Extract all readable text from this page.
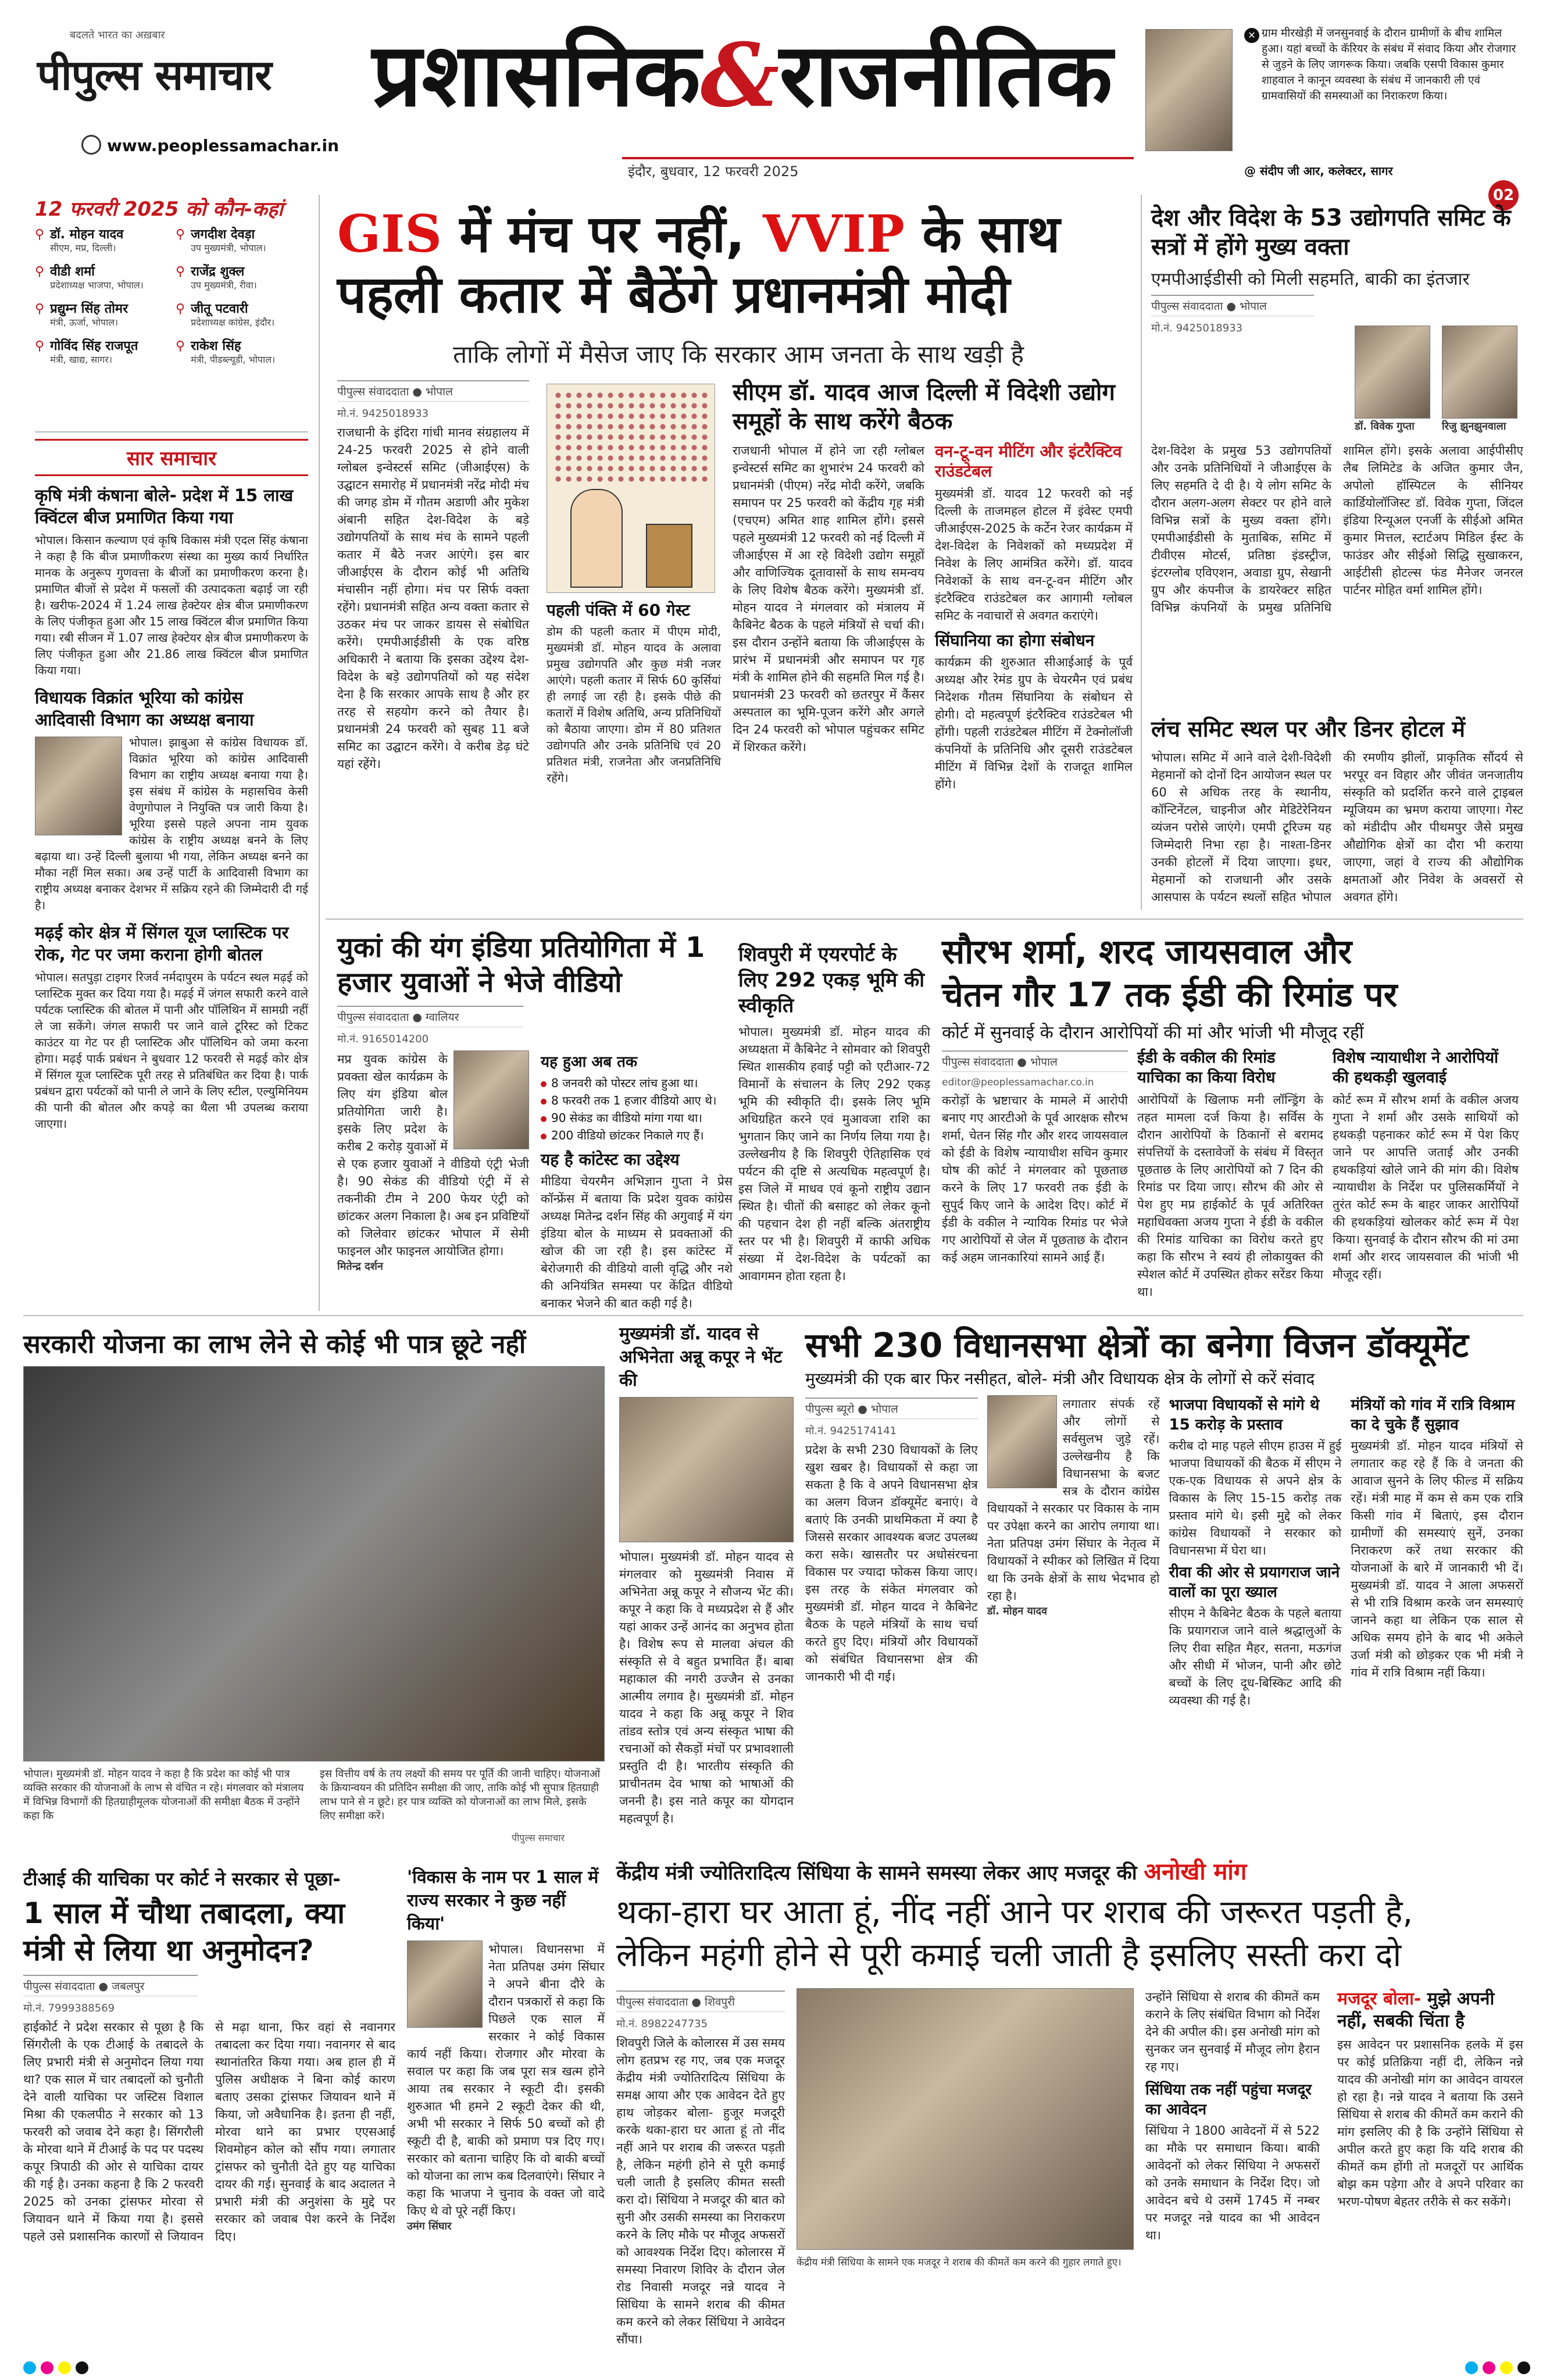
बदलते भारत का अख़बार
पीपुल्स समाचार
www.peoplessamachar.in
प्रशासनिक & राजनीतिक
इंदौर, बुधवार, 12 फरवरी 2025
✕ ग्राम मीरखेड़ी में जनसुनवाई के दौरान ग्रामीणों के बीच शामिल हुआ। यहां बच्चों के कॅरियर के संबंध में संवाद किया और रोजगार से जुड़ने के लिए जागरूक किया। जबकि एसपी विकास कुमार शाहवाल ने कानून व्यवस्था के संबंध में जानकारी ली एवं ग्रामवासियों की समस्याओं का निराकरण किया।
@ संदीप जी आर, कलेक्टर, सागर
02
12 फरवरी 2025 को कौन-कहां
⚲ डॉ. मोहन यादव
सीएम, मप्र, दिल्ली।
⚲ जगदीश देवड़ा
उप मुख्यमंत्री, भोपाल।
⚲ वीडी शर्मा
प्रदेशाध्यक्ष भाजपा, भोपाल।
⚲ राजेंद्र शुक्ल
उप मुख्यमंत्री, रीवा।
⚲ प्रद्युम्न सिंह तोमर
मंत्री, ऊर्जा, भोपाल।
⚲ जीतू पटवारी
प्रदेशाध्यक्ष कांग्रेस, इंदौर।
⚲ गोविंद सिंह राजपूत
मंत्री, खाद्य, सागर।
⚲ राकेश सिंह
मंत्री, पीडब्ल्यूडी, भोपाल।
सार समाचार
कृषि मंत्री कंषाना बोले- प्रदेश में 15 लाख क्विंटल बीज प्रमाणित किया गया
भोपाल। किसान कल्याण एवं कृषि विकास मंत्री एदल सिंह कंषाना ने कहा है कि बीज प्रमाणीकरण संस्था का मुख्य कार्य निर्धारित मानक के अनुरूप गुणवत्ता के बीजों का प्रमाणीकरण करना है। प्रमाणित बीजों से प्रदेश में फसलों की उत्पादकता बढ़ाई जा रही है। खरीफ-2024 में 1.24 लाख हेक्टेयर क्षेत्र बीज प्रमाणीकरण के लिए पंजीकृत हुआ और 15 लाख क्विंटल बीज प्रमाणित किया गया। रबी सीजन में 1.07 लाख हेक्टेयर क्षेत्र बीज प्रमाणीकरण के लिए पंजीकृत हुआ और 21.86 लाख क्विंटल बीज प्रमाणित किया गया।
विधायक विक्रांत भूरिया को कांग्रेस आदिवासी विभाग का अध्यक्ष बनाया
भोपाल। झाबुआ से कांग्रेस विधायक डॉ. विक्रांत भूरिया को कांग्रेस आदिवासी विभाग का राष्ट्रीय अध्यक्ष बनाया गया है। इस संबंध में कांग्रेस के महासचिव केसी वेणुगोपाल ने नियुक्ति पत्र जारी किया है। भूरिया इससे पहले अपना नाम युवक कांग्रेस के राष्ट्रीय अध्यक्ष बनने के लिए बढ़ाया था। उन्हें दिल्ली बुलाया भी गया, लेकिन अध्यक्ष बनने का मौका नहीं मिल सका। अब उन्हें पार्टी के आदिवासी विभाग का राष्ट्रीय अध्यक्ष बनाकर देशभर में सक्रिय रहने की जिम्मेदारी दी गई है।
मढ़ई कोर क्षेत्र में सिंगल यूज प्लास्टिक पर रोक, गेट पर जमा कराना होगी बोतल
भोपाल। सतपुड़ा टाइगर रिजर्व नर्मदापुरम के पर्यटन स्थल मढ़ई को प्लास्टिक मुक्त कर दिया गया है। मढ़ई में जंगल सफारी करने वाले पर्यटक प्लास्टिक की बोतल में पानी और पॉलिथिन में सामग्री नहीं ले जा सकेंगे। जंगल सफारी पर जाने वाले टूरिस्ट को टिकट काउंटर या गेट पर ही प्लास्टिक और पॉलिथिन को जमा करना होगा। मढ़ई पार्क प्रबंधन ने बुधवार 12 फरवरी से मढ़ई कोर क्षेत्र में सिंगल यूज प्लास्टिक पूरी तरह से प्रतिबंधित कर दिया है। पार्क प्रबंधन द्वारा पर्यटकों को पानी ले जाने के लिए स्टील, एल्युमिनियम की पानी की बोतल और कपड़े का थैला भी उपलब्ध कराया जाएगा।
GIS में मंच पर नहीं, VVIP के साथ
पहली कतार में बैठेंगे प्रधानमंत्री मोदी
ताकि लोगों में मैसेज जाए कि सरकार आम जनता के साथ खड़ी है
पीपुल्स संवाददाता ● भोपाल
मो.नं. 9425018933
राजधानी के इंदिरा गांधी मानव संग्रहालय में 24-25 फरवरी 2025 से होने वाली ग्लोबल इन्वेस्टर्स समिट (जीआईएस) के उद्घाटन समारोह में प्रधानमंत्री नरेंद्र मोदी मंच की जगह डोम में गौतम अडाणी और मुकेश अंबानी सहित देश-विदेश के बड़े उद्योगपतियों के साथ मंच के सामने पहली कतार में बैठे नजर आएंगे। इस बार जीआईएस के दौरान कोई भी अतिथि मंचासीन नहीं होगा। मंच पर सिर्फ वक्ता रहेंगे। प्रधानमंत्री सहित अन्य वक्ता कतार से उठकर मंच पर जाकर डायस से संबोधित करेंगे। एमपीआईडीसी के एक वरिष्ठ अधिकारी ने बताया कि इसका उद्देश्य देश-विदेश के बड़े उद्योगपतियों को यह संदेश देना है कि सरकार आपके साथ है और हर तरह से सहयोग करने को तैयार है। प्रधानमंत्री 24 फरवरी को सुबह 11 बजे समिट का उद्घाटन करेंगे। वे करीब डेढ़ घंटे यहां रहेंगे।
पहली पंक्ति में 60 गेस्ट
डोम की पहली कतार में पीएम मोदी, मुख्यमंत्री डॉ. मोहन यादव के अलावा प्रमुख उद्योगपति और कुछ मंत्री नजर आएंगे। पहली कतार में सिर्फ 60 कुर्सियां ही लगाई जा रही है। इसके पीछे की कतारों में विशेष अतिथि, अन्य प्रतिनिधियों को बैठाया जाएगा। डोम में 80 प्रतिशत उद्योगपति और उनके प्रतिनिधि एवं 20 प्रतिशत मंत्री, राजनेता और जनप्रतिनिधि रहेंगे।
सीएम डॉ. यादव आज दिल्ली में विदेशी उद्योग समूहों के साथ करेंगे बैठक
राजधानी भोपाल में होने जा रही ग्लोबल इन्वेस्टर्स समिट का शुभारंभ 24 फरवरी को प्रधानमंत्री (पीएम) नरेंद्र मोदी करेंगे, जबकि समापन पर 25 फरवरी को केंद्रीय गृह मंत्री (एचएम) अमित शाह शामिल होंगे। इससे पहले मुख्यमंत्री 12 फरवरी को नई दिल्ली में जीआईएस में आ रहे विदेशी उद्योग समूहों और वाणिज्यिक दूतावासों के साथ समन्वय के लिए विशेष बैठक करेंगे। मुख्यमंत्री डॉ. मोहन यादव ने मंगलवार को मंत्रालय में कैबिनेट बैठक के पहले मंत्रियों से चर्चा की। इस दौरान उन्होंने बताया कि जीआईएस के प्रारंभ में प्रधानमंत्री और समापन पर गृह मंत्री के शामिल होने की सहमति मिल गई है। प्रधानमंत्री 23 फरवरी को छतरपुर में कैंसर अस्पताल का भूमि-पूजन करेंगे और अगले दिन 24 फरवरी को भोपाल पहुंचकर समिट में शिरकत करेंगे।
वन-टू-वन मीटिंग और इंटरैक्टिव राउंडटेबल
मुख्यमंत्री डॉ. यादव 12 फरवरी को नई दिल्ली के ताजमहल होटल में इंवेस्ट एमपी जीआईएस-2025 के कर्टेन रेजर कार्यक्रम में देश-विदेश के निवेशकों को मध्यप्रदेश में निवेश के लिए आमंत्रित करेंगे। डॉ. यादव निवेशकों के साथ वन-टू-वन मीटिंग और इंटरैक्टिव राउंडटेबल कर आगामी ग्लोबल समिट के नवाचारों से अवगत कराएंगे।
सिंघानिया का होगा संबोधन
कार्यक्रम की शुरुआत सीआईआई के पूर्व अध्यक्ष और रेमंड ग्रुप के चेयरमैन एवं प्रबंध निदेशक गौतम सिंघानिया के संबोधन से होगी। दो महत्वपूर्ण इंटरैक्टिव राउंडटेबल भी होंगी। पहली राउंडटेबल मीटिंग में टेक्नोलॉजी कंपनियों के प्रतिनिधि और दूसरी राउंडटेबल मीटिंग में विभिन्न देशों के राजदूत शामिल होंगे।
देश और विदेश के 53 उद्योगपति समिट के सत्रों में होंगे मुख्य वक्ता
एमपीआईडीसी को मिली सहमति, बाकी का इंतजार
पीपुल्स संवाददाता ● भोपाल
मो.नं. 9425018933
डॉ. विवेक गुप्ता	रिजु झुनझुनवाला
देश-विदेश के प्रमुख 53 उद्योगपतियों और उनके प्रतिनिधियों ने जीआईएस के लिए सहमति दे दी है। ये लोग समिट के दौरान अलग-अलग सेक्टर पर होने वाले विभिन्न सत्रों के मुख्य वक्ता होंगे। एमपीआईडीसी के मुताबिक, समिट में टीवीएस मोटर्स, प्रतिष्ठा इंडस्ट्रीज, इंटरग्लोब एविएशन, अवाडा ग्रुप, सेखानी ग्रुप और कंपनीज के डायरेक्टर सहित विभिन्न कंपनियों के प्रमुख प्रतिनिधि शामिल होंगे। इसके अलावा आईपीसीए लैब लिमिटेड के अजित कुमार जैन, अपोलो हॉस्पिटल के सीनियर कार्डियोलॉजिस्ट डॉ. विवेक गुप्ता, जिंदल इंडिया रिन्यूअल एनर्जी के सीईओ अमित कुमार मित्तल, स्टार्टअप मिडिल ईस्ट के फाउंडर और सीईओ सिद्धि सुखाकरन, आईटीसी होटल्स फंड मैनेजर जनरल पार्टनर मोहित वर्मा शामिल होंगे।
लंच समिट स्थल पर और डिनर होटल में
भोपाल। समिट में आने वाले देशी-विदेशी मेहमानों को दोनों दिन आयोजन स्थल पर 60 से अधिक तरह के स्थानीय, कॉन्टिनेंटल, चाइनीज और मेडिटेरेनियन व्यंजन परोसे जाएंगे। एमपी टूरिज्म यह जिम्मेदारी निभा रहा है। नाश्ता-डिनर उनकी होटलों में दिया जाएगा। इधर, मेहमानों को राजधानी और उसके आसपास के पर्यटन स्थलों सहित भोपाल की रमणीय झीलों, प्राकृतिक सौंदर्य से भरपूर वन विहार और जीवंत जनजातीय संस्कृति को प्रदर्शित करने वाले ट्राइबल म्यूजियम का भ्रमण कराया जाएगा। गेस्ट को मंडीदीप और पीथमपुर जैसे प्रमुख औद्योगिक क्षेत्रों का दौरा भी कराया जाएगा, जहां वे राज्य की औद्योगिक क्षमताओं और निवेश के अवसरों से अवगत होंगे।
युकां की यंग इंडिया प्रतियोगिता में 1 हजार युवाओं ने भेजे वीडियो
पीपुल्स संवाददाता ● ग्वालियर
मो.नं. 9165014200
मप्र युवक कांग्रेस के प्रवक्ता खेल कार्यक्रम के लिए यंग इंडिया बोल प्रतियोगिता जारी है। इसके लिए प्रदेश के करीब 2 करोड़ युवाओं में से एक हजार युवाओं ने वीडियो एंट्री भेजी है। 90 सेकंड की वीडियो एंट्री में से तकनीकी टीम ने 200 फेयर एंट्री को छांटकर अलग निकाला है। अब इन प्रविष्टियों को जिलेवार छांटकर भोपाल में सेमी फाइनल और फाइनल आयोजित होगा।
मितेन्द्र दर्शन
यह हुआ अब तक
8 जनवरी को पोस्टर लांच हुआ था।
8 फरवरी तक 1 हजार वीडियो आए थे।
90 सेकंड का वीडियो मांगा गया था।
200 वीडियो छांटकर निकाले गए हैं।
यह है कांटेस्ट का उद्देश्य
मीडिया चेयरमैन अभिज्ञान गुप्ता ने प्रेस कॉन्फ्रेंस में बताया कि प्रदेश युवक कांग्रेस अध्यक्ष मितेन्द्र दर्शन सिंह की अगुवाई में यंग इंडिया बोल के माध्यम से प्रवक्ताओं की खोज की जा रही है। इस कांटेस्ट में बेरोजगारी की वीडियो वाली वृद्धि और नशे की अनियंत्रित समस्या पर केंद्रित वीडियो बनाकर भेजने की बात कही गई है।
शिवपुरी में एयरपोर्ट के लिए 292 एकड़ भूमि की स्वीकृति
भोपाल। मुख्यमंत्री डॉ. मोहन यादव की अध्यक्षता में कैबिनेट ने सोमवार को शिवपुरी स्थित शासकीय हवाई पट्टी को एटीआर-72 विमानों के संचालन के लिए 292 एकड़ भूमि की स्वीकृति दी। इसके लिए भूमि अधिग्रहित करने एवं मुआवजा राशि का भुगतान किए जाने का निर्णय लिया गया है। उल्लेखनीय है कि शिवपुरी ऐतिहासिक एवं पर्यटन की दृष्टि से अत्यधिक महत्वपूर्ण है। इस जिले में माधव एवं कूनो राष्ट्रीय उद्यान स्थित है। चीतों की बसाहट को लेकर कूनो की पहचान देश ही नहीं बल्कि अंतराष्ट्रीय स्तर पर भी है। शिवपुरी में काफी अधिक संख्या में देश-विदेश के पर्यटकों का आवागमन होता रहता है।
सौरभ शर्मा, शरद जायसवाल और
चेतन गौर 17 तक ईडी की रिमांड पर
कोर्ट में सुनवाई के दौरान आरोपियों की मां और भांजी भी मौजूद रहीं
पीपुल्स संवाददाता ● भोपाल
editor@peoplessamachar.co.in
करोड़ों के भ्रष्टाचार के मामले में आरोपी बनाए गए आरटीओ के पूर्व आरक्षक सौरभ शर्मा, चेतन सिंह गौर और शरद जायसवाल को ईडी के विशेष न्यायाधीश सचिन कुमार घोष की कोर्ट ने मंगलवार को पूछताछ करने के लिए 17 फरवरी तक ईडी के सुपुर्द किए जाने के आदेश दिए। कोर्ट में ईडी के वकील ने न्यायिक रिमांड पर भेजे गए आरोपियों से जेल में पूछताछ के दौरान कई अहम जानकारियां सामने आई हैं।
ईडी के वकील की रिमांड याचिका का किया विरोध
आरोपियों के खिलाफ मनी लॉन्ड्रिंग के तहत मामला दर्ज किया है। सर्विस के दौरान आरोपियों के ठिकानों से बरामद संपत्तियों के दस्तावेजों के संबंध में विस्तृत पूछताछ के लिए आरोपियों को 7 दिन की रिमांड पर दिया जाए। सौरभ की ओर से पेश हुए मप्र हाईकोर्ट के पूर्व अतिरिक्त महाधिवक्ता अजय गुप्ता ने ईडी के वकील की रिमांड याचिका का विरोध करते हुए कहा कि सौरभ ने स्वयं ही लोकायुक्त की स्पेशल कोर्ट में उपस्थित होकर सरेंडर किया था।
विशेष न्यायाधीश ने आरोपियों की हथकड़ी खुलवाई
कोर्ट रूम में सौरभ शर्मा के वकील अजय गुप्ता ने शर्मा और उसके साथियों को हथकड़ी पहनाकर कोर्ट रूम में पेश किए जाने पर आपत्ति जताई और उनकी हथकड़ियां खोले जाने की मांग की। विशेष न्यायाधीश के निर्देश पर पुलिसकर्मियों ने तुरंत कोर्ट रूम के बाहर जाकर आरोपियों की हथकड़ियां खोलकर कोर्ट रूम में पेश किया। सुनवाई के दौरान सौरभ की मां उमा शर्मा और शरद जायसवाल की भांजी भी मौजूद रहीं।
सरकारी योजना का लाभ लेने से कोई भी पात्र छूटे नहीं
भोपाल। मुख्यमंत्री डॉ. मोहन यादव ने कहा है कि प्रदेश का कोई भी पात्र व्यक्ति सरकार की योजनाओं के लाभ से वंचित न रहे। मंगलवार को मंत्रालय में विभिन्न विभागों की हितग्राहीमूलक योजनाओं की समीक्षा बैठक में उन्होंने कहा कि
इस वित्तीय वर्ष के तय लक्ष्यों की समय पर पूर्ति की जानी चाहिए। योजनाओं के क्रियान्वयन की प्रतिदिन समीक्षा की जाए, ताकि कोई भी सुपात्र हितग्राही लाभ पाने से न छूटे। हर पात्र व्यक्ति को योजनाओं का लाभ मिले, इसके लिए समीक्षा करें।
पीपुल्स समाचार
मुख्यमंत्री डॉ. यादव से अभिनेता अन्नू कपूर ने भेंट की
भोपाल। मुख्यमंत्री डॉ. मोहन यादव से मंगलवार को मुख्यमंत्री निवास में अभिनेता अन्नू कपूर ने सौजन्य भेंट की। कपूर ने कहा कि वे मध्यप्रदेश से हैं और यहां आकर उन्हें आनंद का अनुभव होता है। विशेष रूप से मालवा अंचल की संस्कृति से वे बहुत प्रभावित हैं। बाबा महाकाल की नगरी उज्जैन से उनका आत्मीय लगाव है। मुख्यमंत्री डॉ. मोहन यादव ने कहा कि अन्नू कपूर ने शिव तांडव स्तोत्र एवं अन्य संस्कृत भाषा की रचनाओं को सैकड़ों मंचों पर प्रभावशाली प्रस्तुति दी है। भारतीय संस्कृति की प्राचीनतम देव भाषा को भाषाओं की जननी है। इस नाते कपूर का योगदान महत्वपूर्ण है।
सभी 230 विधानसभा क्षेत्रों का बनेगा विजन डॉक्यूमेंट
मुख्यमंत्री की एक बार फिर नसीहत, बोले- मंत्री और विधायक क्षेत्र के लोगों से करें संवाद
पीपुल्स ब्यूरो ● भोपाल
मो.नं. 9425174141
प्रदेश के सभी 230 विधायकों के लिए खुश खबर है। विधायकों से कहा जा सकता है कि वे अपने विधानसभा क्षेत्र का अलग विजन डॉक्यूमेंट बनाएं। वे बताएं कि उनकी प्राथमिकता में क्या है जिससे सरकार आवश्यक बजट उपलब्ध करा सके। खासतौर पर अधोसंरचना विकास पर ज्यादा फोकस किया जाए। इस तरह के संकेत मंगलवार को मुख्यमंत्री डॉ. मोहन यादव ने कैबिनेट बैठक के पहले मंत्रियों के साथ चर्चा करते हुए दिए। मंत्रियों और विधायकों को संबंधित विधानसभा क्षेत्र की जानकारी भी दी गई।
लगातार संपर्क रहें और लोगों से सर्वसुलभ जुड़े रहें। उल्लेखनीय है कि विधानसभा के बजट सत्र के दौरान कांग्रेस विधायकों ने सरकार पर विकास के नाम पर उपेक्षा करने का आरोप लगाया था। नेता प्रतिपक्ष उमंग सिंघार के नेतृत्व में विधायकों ने स्पीकर को लिखित में दिया था कि उनके क्षेत्रों के साथ भेदभाव हो रहा है।
डॉ. मोहन यादव
भाजपा विधायकों से मांगे थे 15 करोड़ के प्रस्ताव
करीब दो माह पहले सीएम हाउस में हुई भाजपा विधायकों की बैठक में सीएम ने एक-एक विधायक से अपने क्षेत्र के विकास के लिए 15-15 करोड़ तक प्रस्ताव मांगे थे। इसी मुद्दे को लेकर कांग्रेस विधायकों ने सरकार को विधानसभा में घेरा था।
रीवा की ओर से प्रयागराज जाने वालों का पूरा ख्याल
सीएम ने कैबिनेट बैठक के पहले बताया कि प्रयागराज जाने वाले श्रद्धालुओं के लिए रीवा सहित मैहर, सतना, मऊगंज और सीधी में भोजन, पानी और छोटे बच्चों के लिए दूध-बिस्किट आदि की व्यवस्था की गई है।
मंत्रियों को गांव में रात्रि विश्राम का दे चुके हैं सुझाव
मुख्यमंत्री डॉ. मोहन यादव मंत्रियों से लगातार कह रहे हैं कि वे जनता की आवाज सुनने के लिए फील्ड में सक्रिय रहें। मंत्री माह में कम से कम एक रात्रि किसी गांव में बिताएं, इस दौरान ग्रामीणों की समस्याएं सुनें, उनका निराकरण करें तथा सरकार की योजनाओं के बारे में जानकारी भी दें। मुख्यमंत्री डॉ. यादव ने आला अफसरों से भी रात्रि विश्राम करके जन समस्याएं जानने कहा था लेकिन एक साल से अधिक समय होने के बाद भी अकेले उर्जा मंत्री को छोड़कर एक भी मंत्री ने गांव में रात्रि विश्राम नहीं किया।
टीआई की याचिका पर कोर्ट ने सरकार से पूछा-
1 साल में चौथा तबादला, क्या मंत्री से लिया था अनुमोदन?
पीपुल्स संवाददाता ● जबलपुर
मो.नं. 7999388569
हाईकोर्ट ने प्रदेश सरकार से पूछा है कि सिंगरौली के एक टीआई के तबादले के लिए प्रभारी मंत्री से अनुमोदन लिया गया था? एक साल में चार तबादलों को चुनौती देने वाली याचिका पर जस्टिस विशाल मिश्रा की एकलपीठ ने सरकार को 13 फरवरी को जवाब देने कहा है। सिंगरौली के मोरवा थाने में टीआई के पद पर पदस्थ कपूर त्रिपाठी की ओर से याचिका दायर की गई है। उनका कहना है कि 2 फरवरी 2025 को उनका ट्रांसफर मोरवा से जियावन थाने में किया गया है। इससे पहले उसे प्रशासनिक कारणों से जियावन से मढ़ा थाना, फिर वहां से नवानगर तबादला कर दिया गया। नवानगर से बाद स्थानांतरित किया गया। अब हाल ही में पुलिस अधीक्षक ने बिना कोई कारण बताए उसका ट्रांसफर जियावन थाने में किया, जो अवैधानिक है। इतना ही नहीं, मोरवा थाने का प्रभार एएसआई शिवमोहन कोल को सौंप गया। लगातार ट्रांसफर को चुनौती देते हुए यह याचिका दायर की गई। सुनवाई के बाद अदालत ने प्रभारी मंत्री की अनुशंसा के मुद्दे पर सरकार को जवाब पेश करने के निर्देश दिए।
'विकास के नाम पर 1 साल में राज्य सरकार ने कुछ नहीं किया'
भोपाल। विधानसभा में नेता प्रतिपक्ष उमंग सिंघार ने अपने बीना दौरे के दौरान पत्रकारों से कहा कि पिछले एक साल में सरकार ने कोई विकास कार्य नहीं किया। रोजगार और मोरवा के सवाल पर कहा कि जब पूरा सत्र खत्म होने आया तब सरकार ने स्कूटी दी। इसकी शुरुआत भी हमने 2 स्कूटी देकर की थी, अभी भी सरकार ने सिर्फ 50 बच्चों को ही स्कूटी दी है, बाकी को प्रमाण पत्र दिए गए। सरकार को बताना चाहिए कि वो बाकी बच्चों को योजना का लाभ कब दिलवाएंगे। सिंघार ने कहा कि भाजपा ने चुनाव के वक्त जो वादे किए थे वो पूरे नहीं किए।
उमंग सिंघार
केंद्रीय मंत्री ज्योतिरादित्य सिंधिया के सामने समस्या लेकर आए मजदूर की अनोखी मांग
थका-हारा घर आता हूं, नींद नहीं आने पर शराब की जरूरत पड़ती है,
लेकिन महंगी होने से पूरी कमाई चली जाती है इसलिए सस्ती करा दो
पीपुल्स संवाददाता ● शिवपुरी
मो.नं. 8982247735
शिवपुरी जिले के कोलारस में उस समय लोग हतप्रभ रह गए, जब एक मजदूर केंद्रीय मंत्री ज्योतिरादित्य सिंधिया के समक्ष आया और एक आवेदन देते हुए हाथ जोड़कर बोला- हुजूर मजदूरी करके थका-हारा घर आता हूं तो नींद नहीं आने पर शराब की जरूरत पड़ती है, लेकिन महंगी होने से पूरी कमाई चली जाती है इसलिए कीमत सस्ती करा दो। सिंधिया ने मजदूर की बात को सुनी और उसकी समस्या का निराकरण करने के लिए मौके पर मौजूद अफसरों को आवश्यक निर्देश दिए। कोलारस में समस्या निवारण शिविर के दौरान जेल रोड निवासी मजदूर नन्ने यादव ने सिंधिया के सामने शराब की कीमत कम करने को लेकर सिंधिया ने आवेदन सौंपा।
केंद्रीय मंत्री सिंधिया के सामने एक मजदूर ने शराब की कीमतें कम करने की गुहार लगाते हुए।
उन्होंने सिंधिया से शराब की कीमतें कम कराने के लिए संबंधित विभाग को निर्देश देने की अपील की। इस अनोखी मांग को सुनकर जन सुनवाई में मौजूद लोग हैरान रह गए।
सिंधिया तक नहीं पहुंचा मजदूर का आवेदन
सिंधिया ने 1800 आवेदनों में से 522 का मौके पर समाधान किया। बाकी आवेदनों को लेकर सिंधिया ने अफसरों को उनके समाधान के निर्देश दिए। जो आवेदन बचे थे उसमें 1745 में नम्बर पर मजदूर नन्ने यादव का भी आवेदन था।
मजदूर बोला- मुझे अपनी नहीं, सबकी चिंता है
इस आवेदन पर प्रशासनिक हलके में इस पर कोई प्रतिक्रिया नहीं दी, लेकिन नन्ने यादव की अनोखी मांग का आवेदन वायरल हो रहा है। नन्ने यादव ने बताया कि उसने सिंधिया से शराब की कीमतें कम कराने की मांग इसलिए की है कि उन्होंने सिंधिया से अपील करते हुए कहा कि यदि शराब की कीमतें कम होंगी तो मजदूरों पर आर्थिक बोझ कम पड़ेगा और वे अपने परिवार का भरण-पोषण बेहतर तरीके से कर सकेंगे।
